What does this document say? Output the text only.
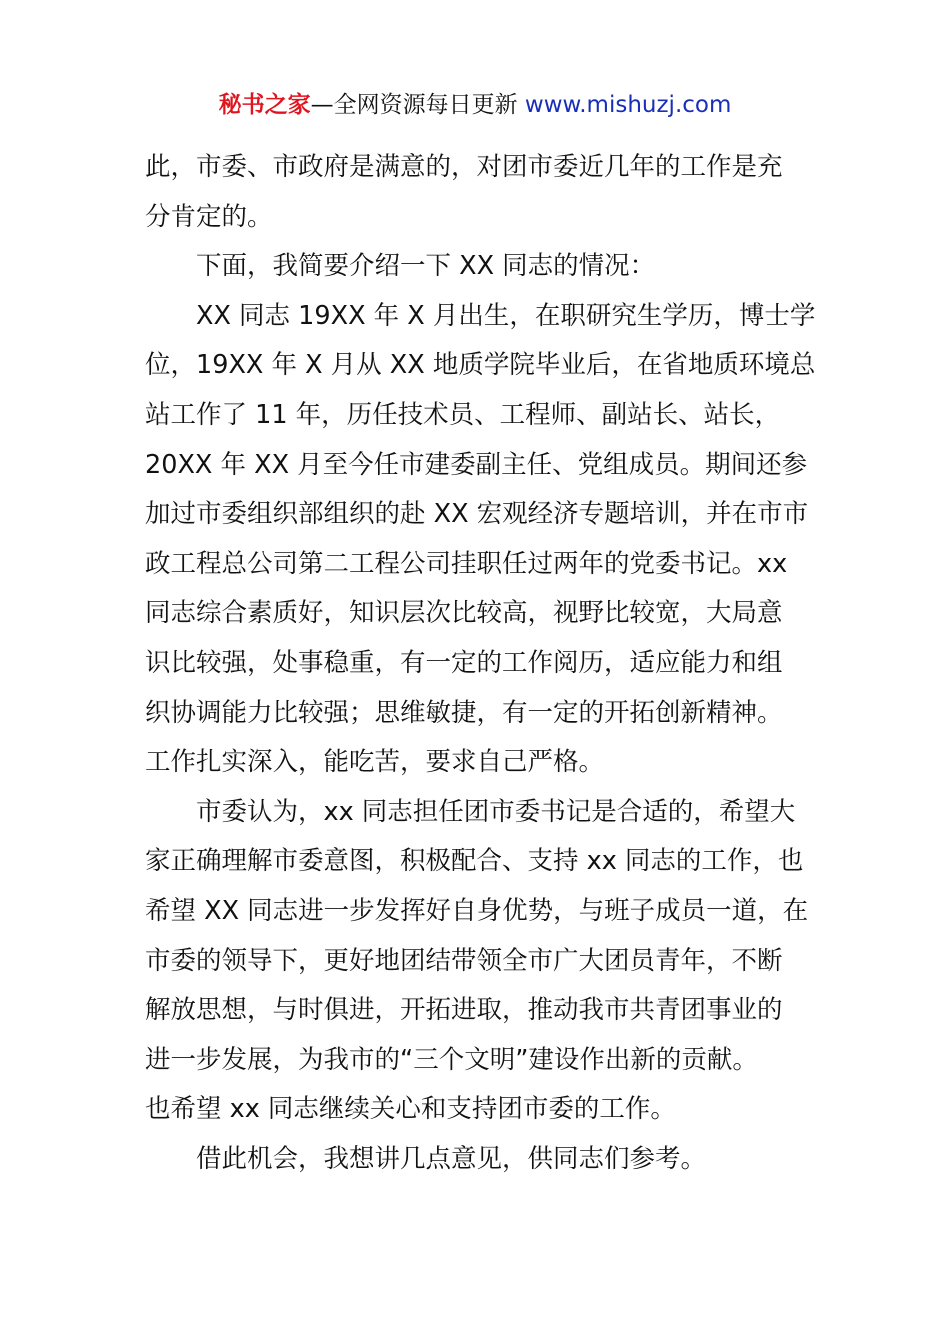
秘书之家—全网资源每日更新 www.mishuzj.com
此，市委、市政府是满意的，对团市委近几年的工作是充
分肯定的。
下面，我简要介绍一下 XX 同志的情况：
XX 同志 19XX 年 X 月出生，在职研究生学历，博士学
位，19XX 年 X 月从 XX 地质学院毕业后，在省地质环境总
站工作了 11 年，历任技术员、工程师、副站长、站长，
20XX 年 XX 月至今任市建委副主任、党组成员。期间还参
加过市委组织部组织的赴 XX 宏观经济专题培训，并在市市
政工程总公司第二工程公司挂职任过两年的党委书记。xx
同志综合素质好，知识层次比较高，视野比较宽，大局意
识比较强，处事稳重，有一定的工作阅历，适应能力和组
织协调能力比较强；思维敏捷，有一定的开拓创新精神。
工作扎实深入，能吃苦，要求自己严格。
市委认为，xx 同志担任团市委书记是合适的，希望大
家正确理解市委意图，积极配合、支持 xx 同志的工作，也
希望 XX 同志进一步发挥好自身优势，与班子成员一道，在
市委的领导下，更好地团结带领全市广大团员青年，不断
解放思想，与时俱进，开拓进取，推动我市共青团事业的
进一步发展，为我市的“三个文明”建设作出新的贡献。
也希望 xx 同志继续关心和支持团市委的工作。
借此机会，我想讲几点意见，供同志们参考。
